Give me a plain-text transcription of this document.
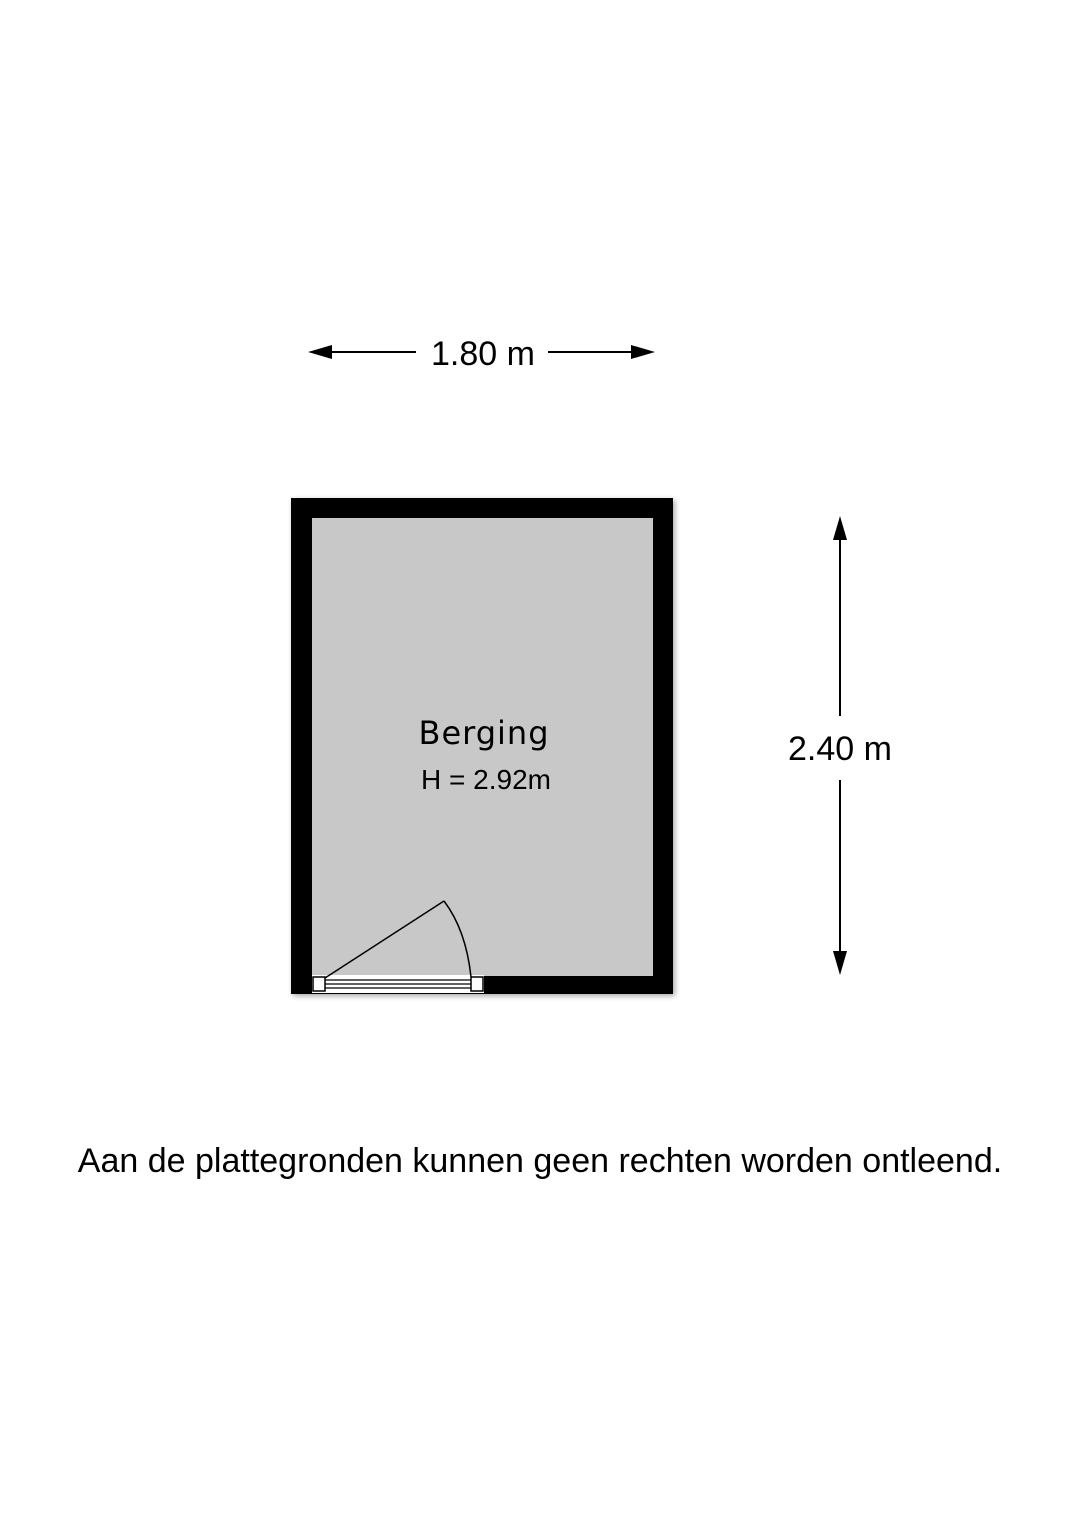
1.80 m
2.40 m
Berging
H = 2.92m

Aan de plattegronden kunnen geen rechten worden ontleend.
